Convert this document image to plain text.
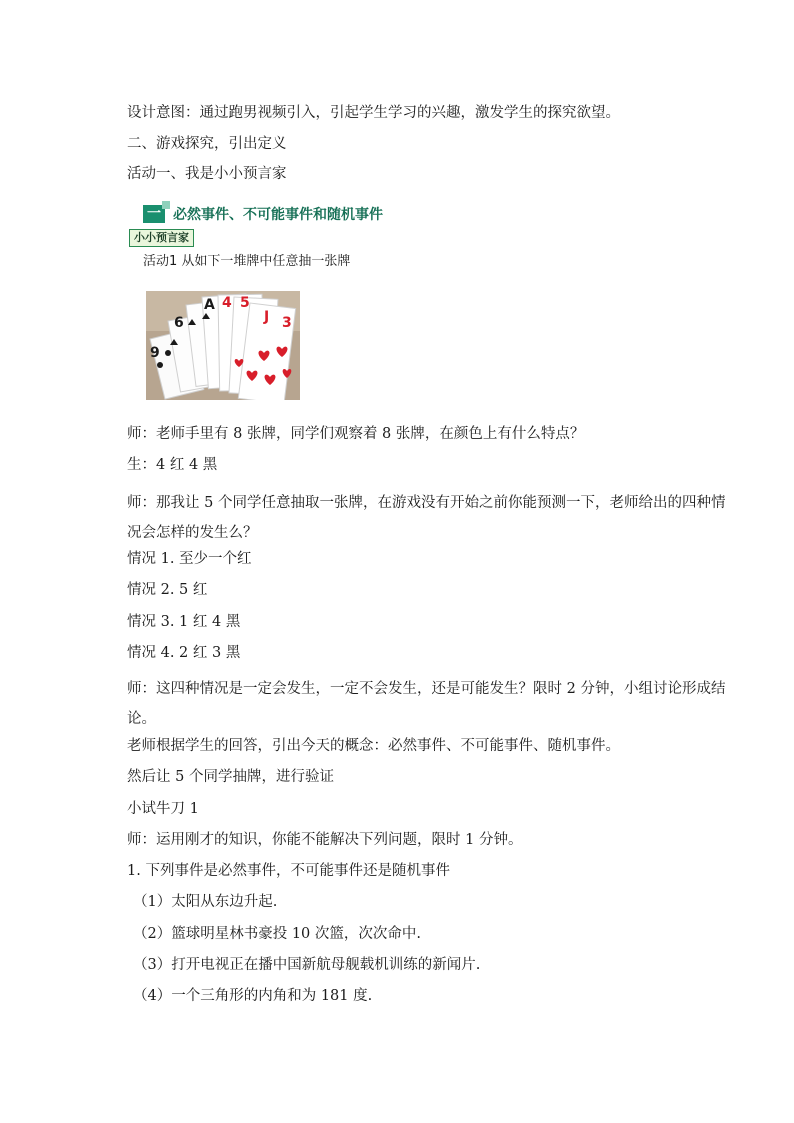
设计意图：通过跑男视频引入，引起学生学习的兴趣，激发学生的探究欲望。
二、游戏探究，引出定义
活动一、我是小小预言家
一 必然事件、不可能事件和随机事件
小小预言家
活动1 从如下一堆牌中任意抽一张牌
9
6
A 4 5
J 3
师：老师手里有 8 张牌，同学们观察着 8 张牌，在颜色上有什么特点？
生：4 红 4 黑
师：那我让 5 个同学任意抽取一张牌，在游戏没有开始之前你能预测一下，老师给出的四种情况会怎样的发生么？
情况 1. 至少一个红
情况 2. 5 红
情况 3. 1 红 4 黑
情况 4. 2 红 3 黑
师：这四种情况是一定会发生，一定不会发生，还是可能发生？限时 2 分钟，小组讨论形成结论。
老师根据学生的回答，引出今天的概念：必然事件、不可能事件、随机事件。
然后让 5 个同学抽牌，进行验证
小试牛刀 1
师：运用刚才的知识，你能不能解决下列问题，限时 1 分钟。
1. 下列事件是必然事件，不可能事件还是随机事件
（1）太阳从东边升起.
（2）篮球明星林书豪投 10 次篮，次次命中.
（3）打开电视正在播中国新航母舰载机训练的新闻片.
（4）一个三角形的内角和为 181 度.
